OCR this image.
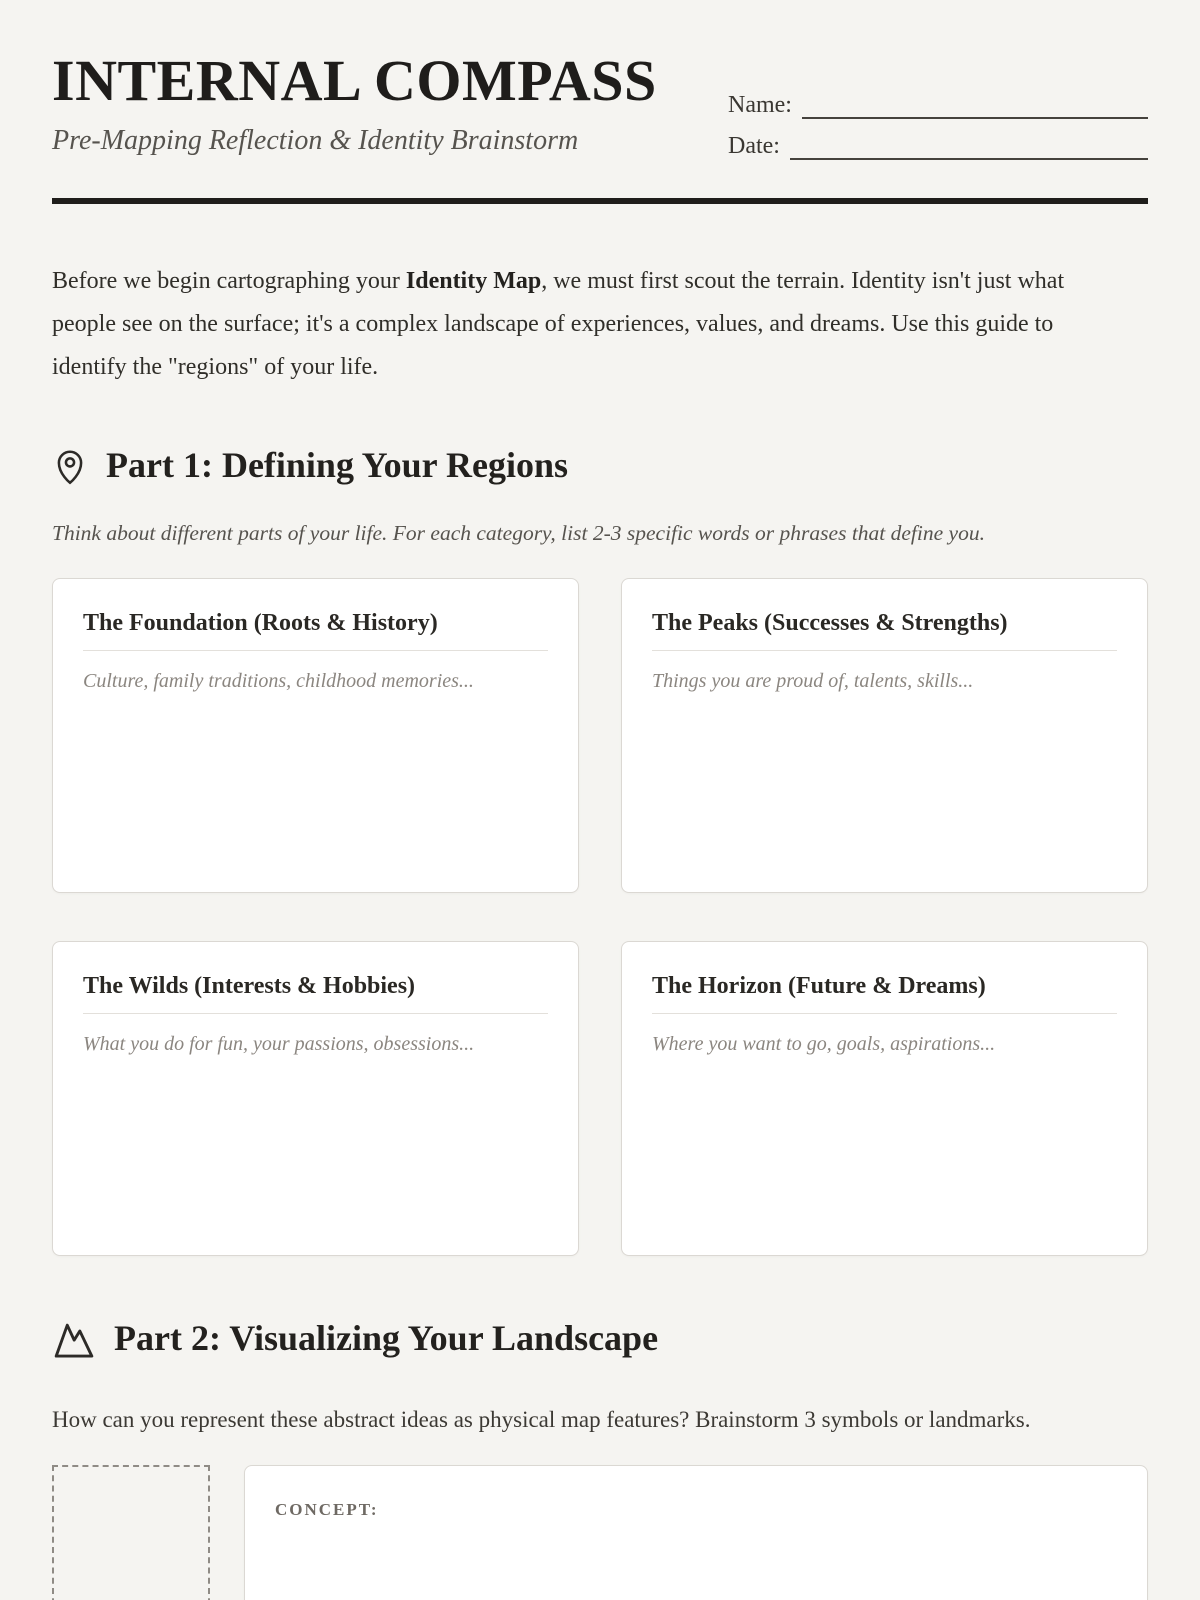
INTERNAL COMPASS
Pre-Mapping Reflection & Identity Brainstorm
Name:
Date:

Before we begin cartographing your Identity Map, we must first scout the terrain. Identity isn't just what people see on the surface; it's a complex landscape of experiences, values, and dreams. Use this guide to identify the "regions" of your life.

Part 1: Defining Your Regions

Think about different parts of your life. For each category, list 2-3 specific words or phrases that define you.

The Foundation (Roots & History)
Culture, family traditions, childhood memories...
The Peaks (Successes & Strengths)
Things you are proud of, talents, skills...
The Wilds (Interests & Hobbies)
What you do for fun, your passions, obsessions...
The Horizon (Future & Dreams)
Where you want to go, goals, aspirations...
Part 2: Visualizing Your Landscape

How can you represent these abstract ideas as physical map features? Brainstorm 3 symbols or landmarks.

CONCEPT:
